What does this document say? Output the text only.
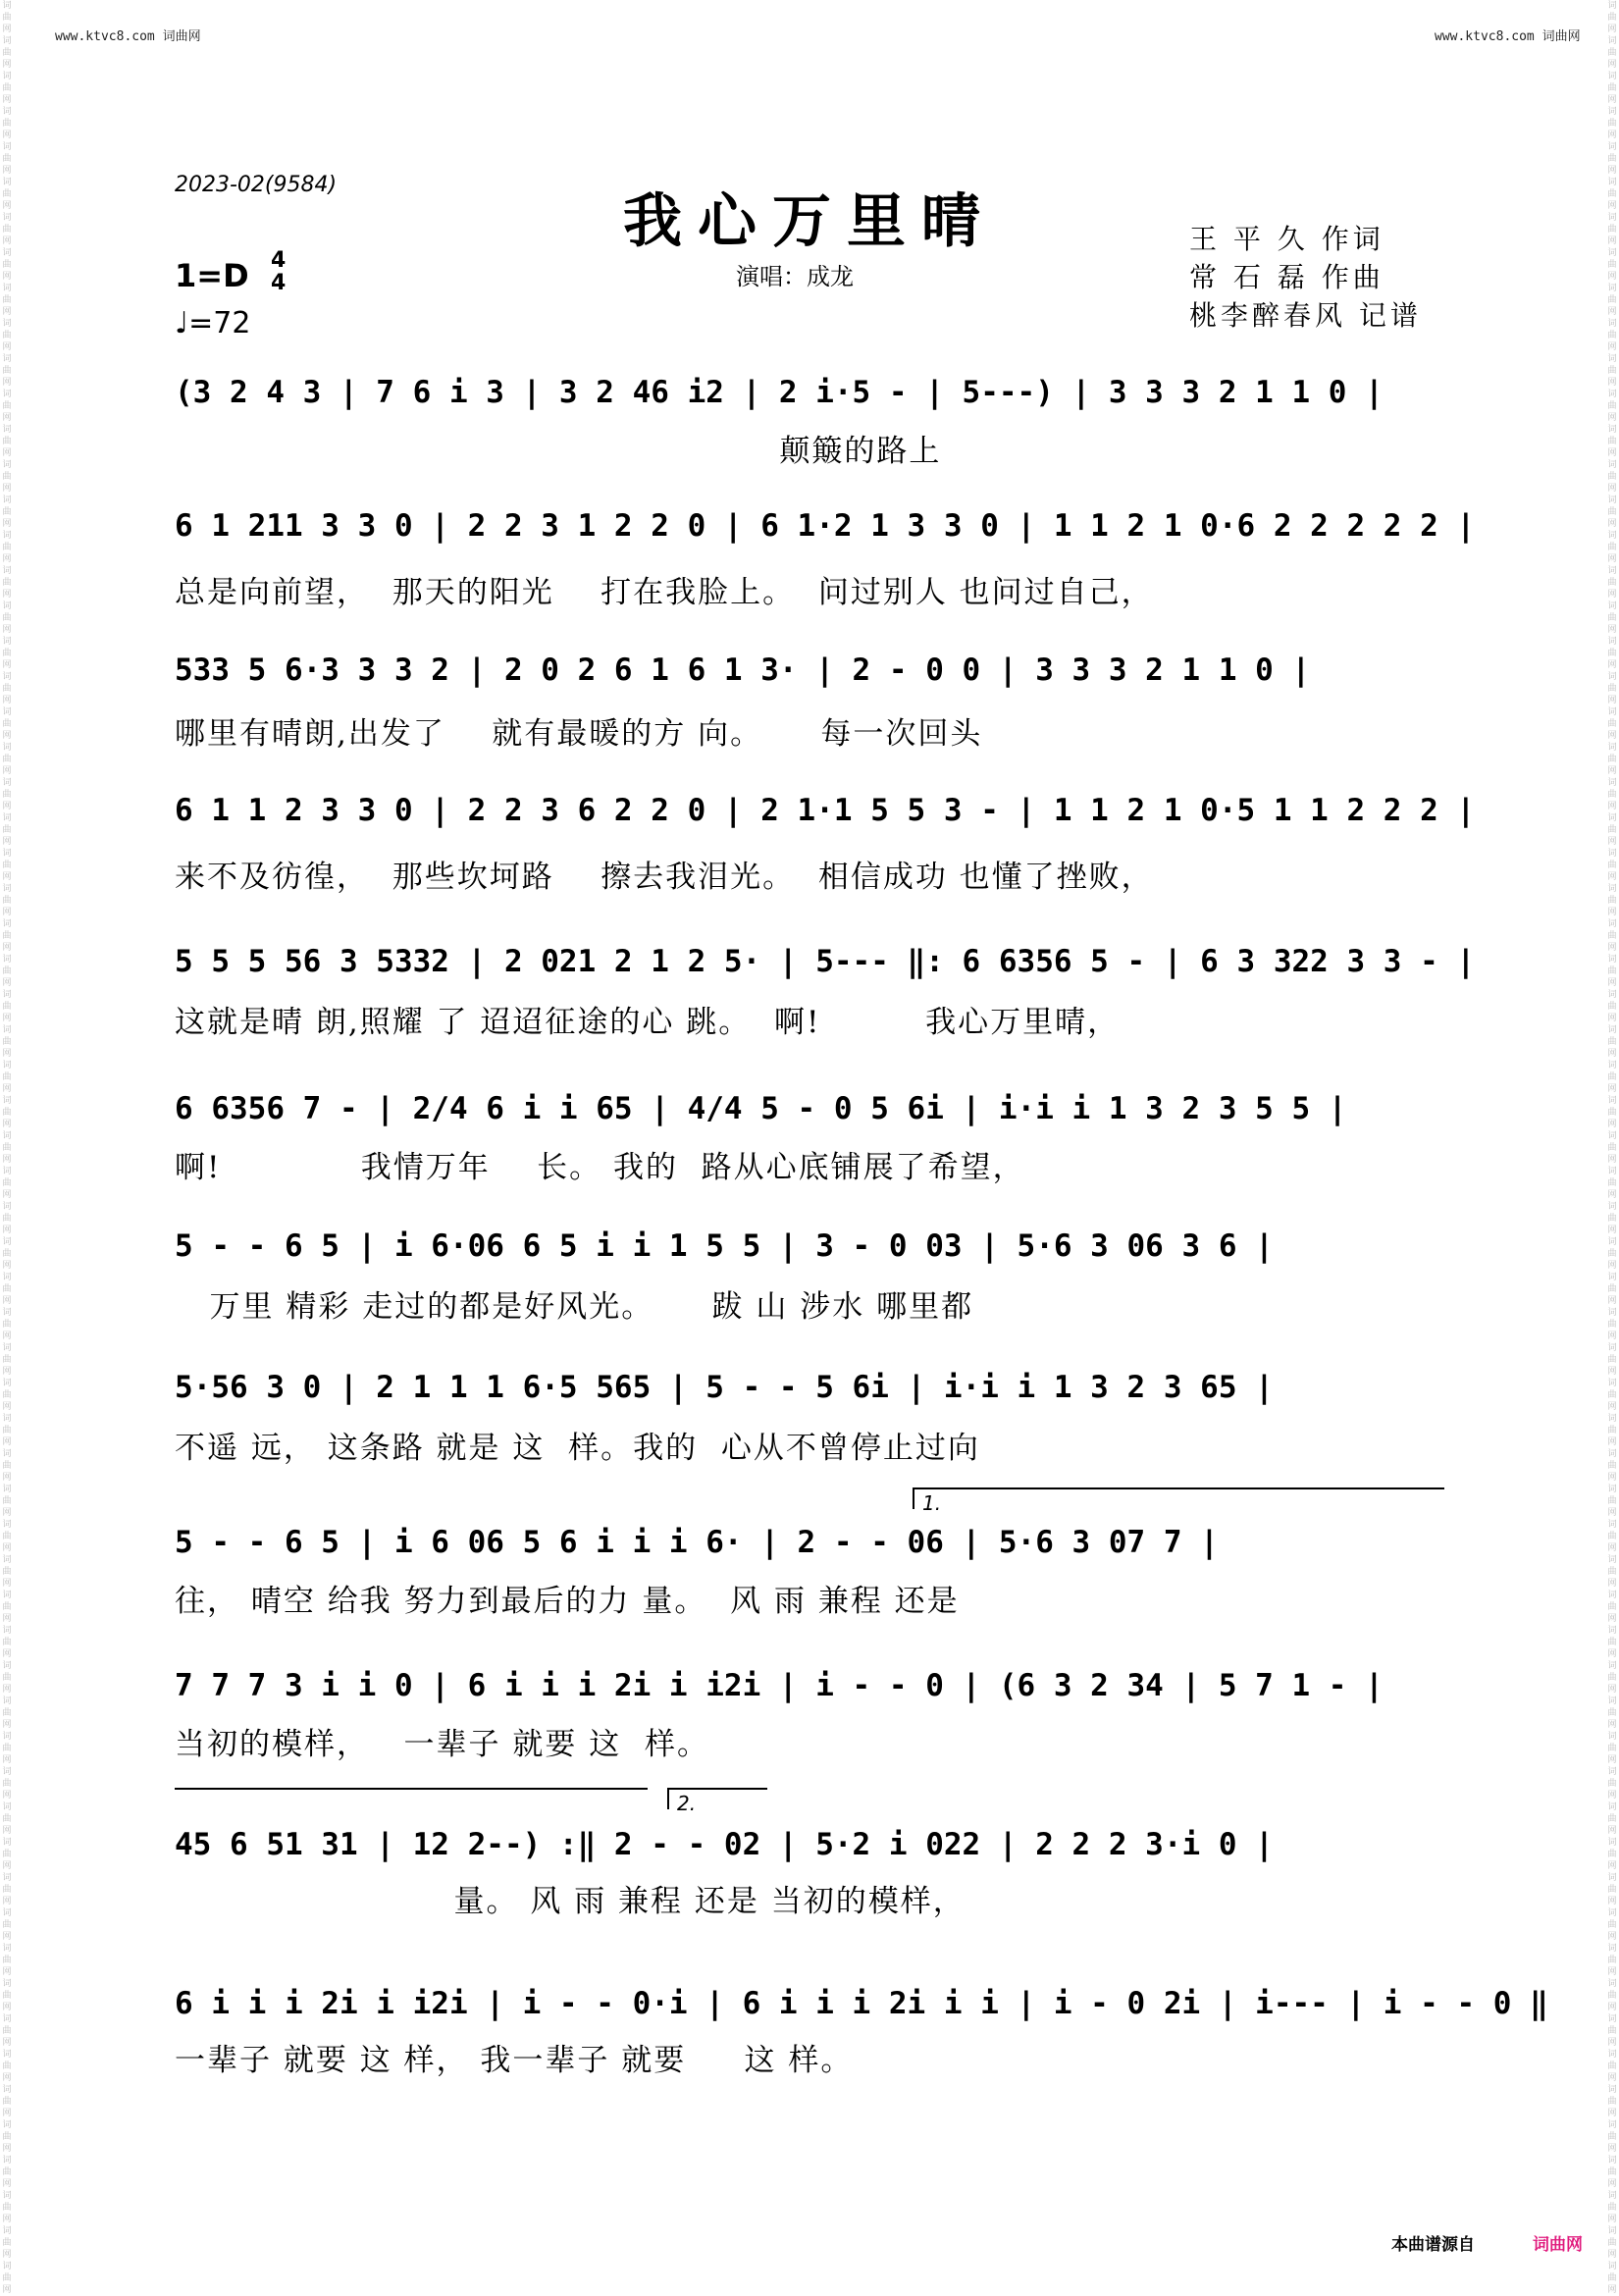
词曲网词曲网词曲网词曲网词曲网词曲网词曲网词曲网词曲网词曲网词曲网词曲网词曲网词曲网词曲网词曲网词曲网词曲网词曲网词曲网词曲网词曲网词曲网词曲网词曲网词曲网词曲网词曲网词曲网词曲网词曲网词曲网词曲网词曲网词曲网词曲网词曲网词曲网词曲网词曲网词曲网词曲网词曲网词曲网词曲网词曲网词曲网词曲网词曲网词曲网词曲网词曲网词曲网词曲网词曲网词曲网词曲网词曲网词曲网词曲网词曲网词曲网词曲网词曲网词曲网
词曲网词曲网词曲网词曲网词曲网词曲网词曲网词曲网词曲网词曲网词曲网词曲网词曲网词曲网词曲网词曲网词曲网词曲网词曲网词曲网词曲网词曲网词曲网词曲网词曲网词曲网词曲网词曲网词曲网词曲网词曲网词曲网词曲网词曲网词曲网词曲网词曲网词曲网词曲网词曲网词曲网词曲网词曲网词曲网词曲网词曲网词曲网词曲网词曲网词曲网词曲网词曲网词曲网词曲网词曲网词曲网词曲网词曲网词曲网词曲网词曲网词曲网词曲网词曲网词曲网
www.ktvc8.com 词曲网	www.ktvc8.com 词曲网
2023-02(9584)
我心万里晴
1=D 4
4
♩=72
演唱：成龙
王 平 久 作词
常 石 磊 作曲
桃李醉春风 记谱
(3 2 4 3 | 7 6 i 3 | 3 2 46 i2 | 2 i·5 - | 5---) | 3 3 3 2 1 1 0 |
颠簸的路上
6 1 211 3 3 0 | 2 2 3 1 2 2 0 | 6 1·2 1 3 3 0 | 1 1 2 1 0·6 2 2 2 2 2 |
总是向前望，  那天的阳光    打在我脸上。  问过别人 也问过自己，
533 5 6·3 3 3 2 | 2 0 2 6 1 6 1 3· | 2 - 0 0 | 3 3 3 2 1 1 0 |
哪里有晴朗,出发了    就有最暖的方 向。     每一次回头
6 1 1 2 3 3 0 | 2 2 3 6 2 2 0 | 2 1·1 5 5 3 - | 1 1 2 1 0·5 1 1 2 2 2 |
来不及彷徨，  那些坎坷路    擦去我泪光。  相信成功 也懂了挫败，
5 5 5 56 3 5332 | 2 021 2 1 2 5· | 5--- ‖: 6 6356 5 - | 6 3 322 3 3 - |
这就是晴 朗,照耀 了 迢迢征途的心 跳。  啊!         我心万里晴，
6 6356 7 - | 2/4 6 i i 65 | 4/4 5 - 0 5 6i | i·i i 1 3 2 3 5 5 |
啊!            我情万年    长。 我的  路从心底铺展了希望，
5 - - 6 5 | i 6·06 6 5 i i 1 5 5 | 3 - 0 03 | 5·6 3 06 3 6 |
万里 精彩 走过的都是好风光。     跋 山 涉水 哪里都
5·56 3 0 | 2 1 1 1 6·5 565 | 5 - - 5 6i | i·i i 1 3 2 3 65 |
不遥 远， 这条路 就是 这  样。我的  心从不曾停止过向
1.
5 - - 6 5 | i 6 06 5 6 i i i 6· | 2 - - 06 | 5·6 3 07 7 |
往， 晴空 给我 努力到最后的力 量。  风 雨 兼程 还是
7 7 7 3 i i 0 | 6 i i i 2i i i2i | i - - 0 | (6 3 2 34 | 5 7 1 - |
当初的模样，   一辈子 就要 这  样。
2.
45 6 51 31 | 12 2--) :‖ 2 - - 02 | 5·2 i 022 | 2 2 2 3·i 0 |
量。 风 雨 兼程 还是 当初的模样，
6 i i i 2i i i2i | i - - 0·i | 6 i i i 2i i i | i - 0 2i | i--- | i - - 0 ‖
一辈子 就要 这 样， 我一辈子 就要     这 样。
本曲谱源自	词曲网
